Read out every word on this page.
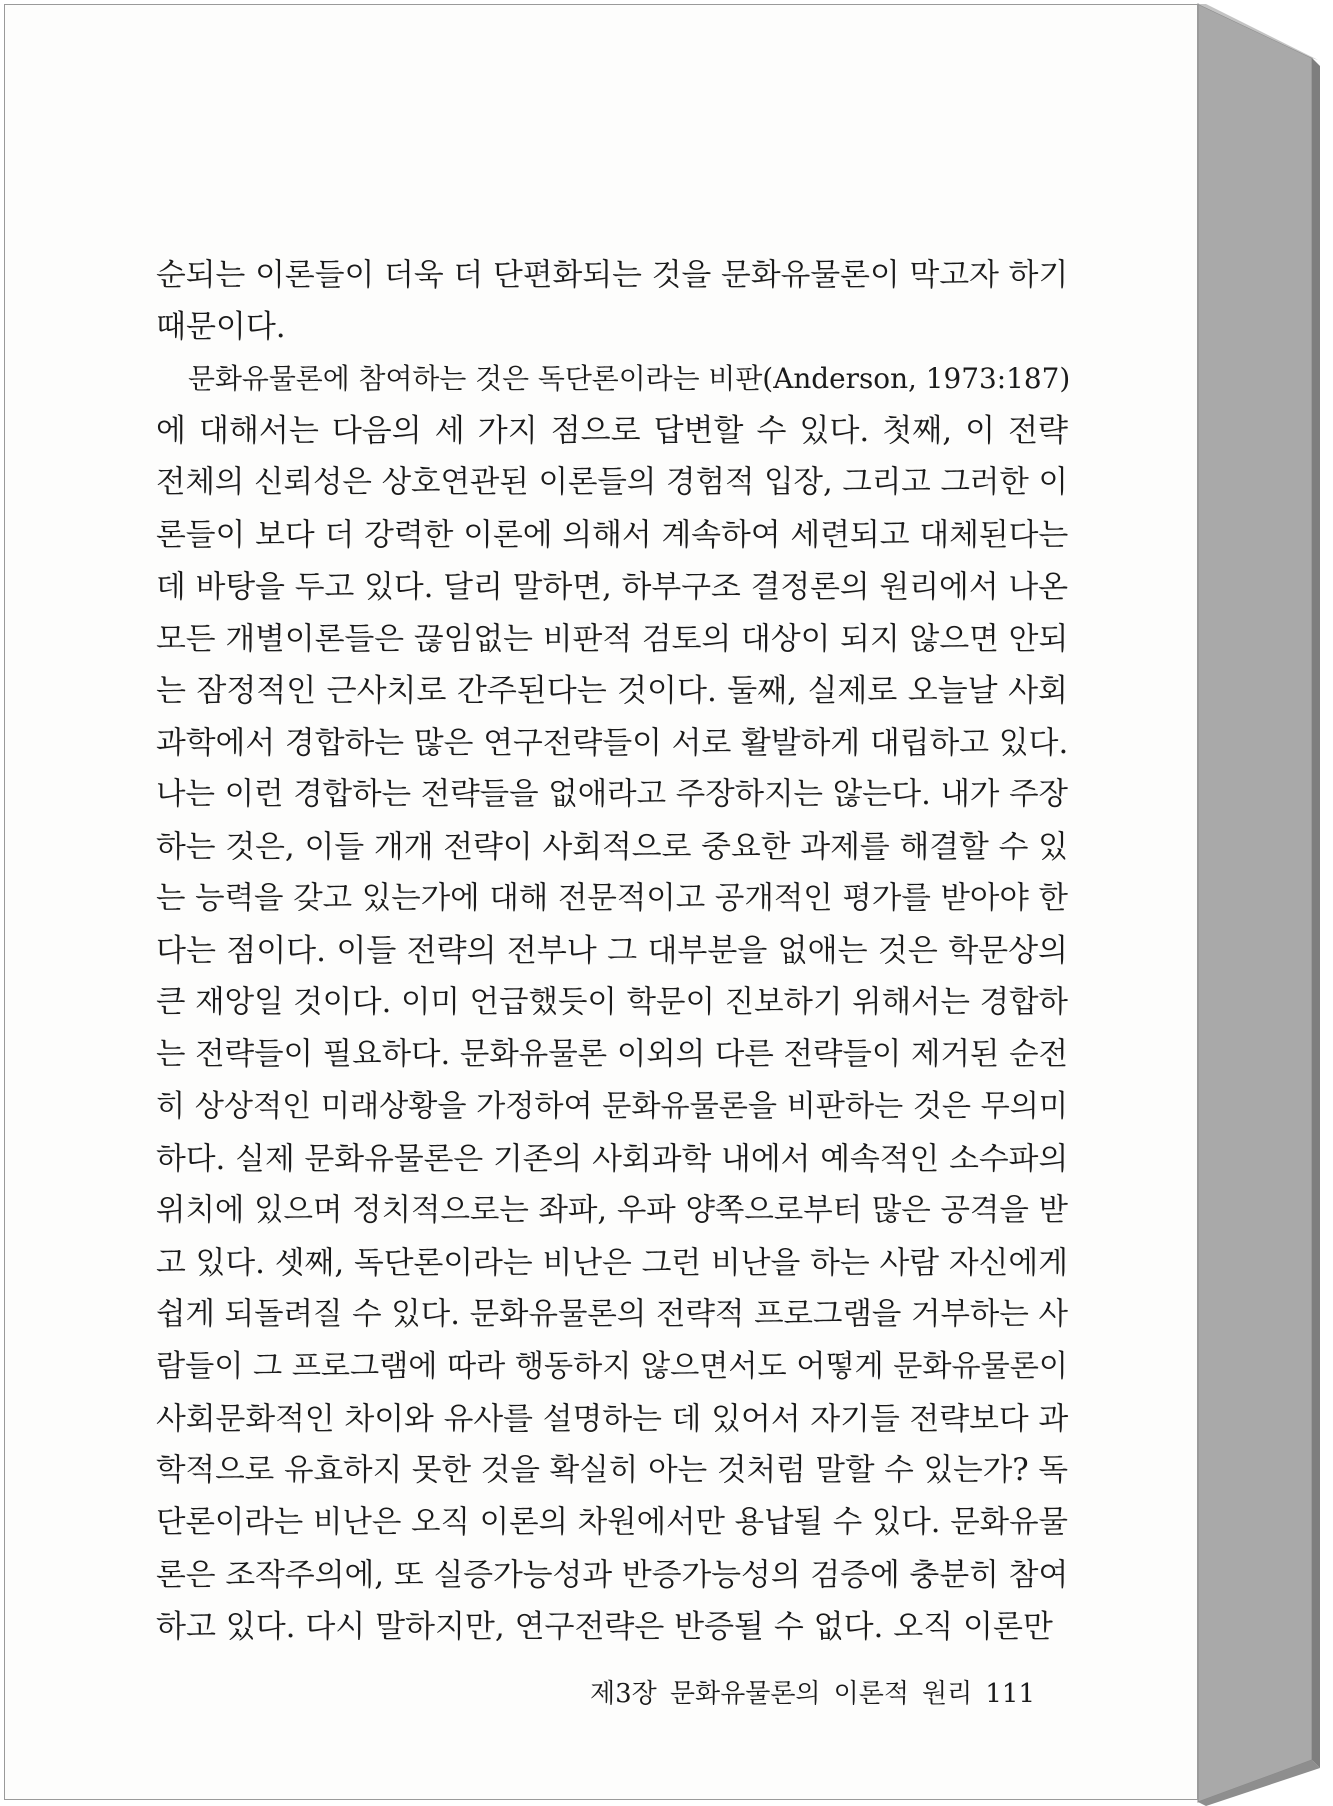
순되는 이론들이 더욱 더 단편화되는 것을 문화유물론이 막고자 하기
때문이다.
문화유물론에 참여하는 것은 독단론이라는 비판(Anderson, 1973:187)
에 대해서는 다음의 세 가지 점으로 답변할 수 있다. 첫째, 이 전략
전체의 신뢰성은 상호연관된 이론들의 경험적 입장, 그리고 그러한 이
론들이 보다 더 강력한 이론에 의해서 계속하여 세련되고 대체된다는
데 바탕을 두고 있다. 달리 말하면, 하부구조 결정론의 원리에서 나온
모든 개별이론들은 끊임없는 비판적 검토의 대상이 되지 않으면 안되
는 잠정적인 근사치로 간주된다는 것이다. 둘째, 실제로 오늘날 사회
과학에서 경합하는 많은 연구전략들이 서로 활발하게 대립하고 있다.
나는 이런 경합하는 전략들을 없애라고 주장하지는 않는다. 내가 주장
하는 것은, 이들 개개 전략이 사회적으로 중요한 과제를 해결할 수 있
는 능력을 갖고 있는가에 대해 전문적이고 공개적인 평가를 받아야 한
다는 점이다. 이들 전략의 전부나 그 대부분을 없애는 것은 학문상의
큰 재앙일 것이다. 이미 언급했듯이 학문이 진보하기 위해서는 경합하
는 전략들이 필요하다. 문화유물론 이외의 다른 전략들이 제거된 순전
히 상상적인 미래상황을 가정하여 문화유물론을 비판하는 것은 무의미
하다. 실제 문화유물론은 기존의 사회과학 내에서 예속적인 소수파의
위치에 있으며 정치적으로는 좌파, 우파 양쪽으로부터 많은 공격을 받
고 있다. 셋째, 독단론이라는 비난은 그런 비난을 하는 사람 자신에게
쉽게 되돌려질 수 있다. 문화유물론의 전략적 프로그램을 거부하는 사
람들이 그 프로그램에 따라 행동하지 않으면서도 어떻게 문화유물론이
사회문화적인 차이와 유사를 설명하는 데 있어서 자기들 전략보다 과
학적으로 유효하지 못한 것을 확실히 아는 것처럼 말할 수 있는가? 독
단론이라는 비난은 오직 이론의 차원에서만 용납될 수 있다. 문화유물
론은 조작주의에, 또 실증가능성과 반증가능성의 검증에 충분히 참여
하고 있다. 다시 말하지만, 연구전략은 반증될 수 없다. 오직 이론만
제3장 문화유물론의 이론적 원리 111
